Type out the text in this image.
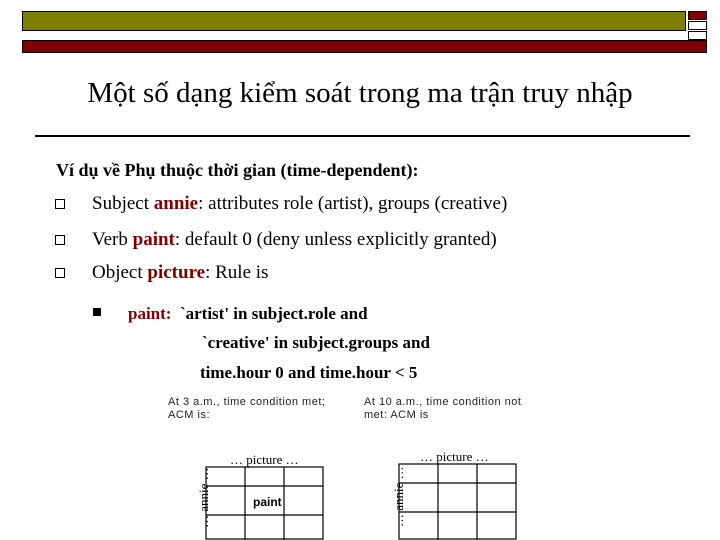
Một số dạng kiểm soát trong ma trận truy nhập
Ví dụ về Phụ thuộc thời gian (time-dependent):
Subject annie: attributes role (artist), groups (creative)
Verb paint: default 0 (deny unless explicitly granted)
Object picture: Rule is
paint: `artist' in subject.role and
`creative' in subject.groups and
time.hour 0 and time.hour < 5
At 3 a.m., time condition met;
ACM is:
… picture …
… annie …	paint
At 10 a.m., time condition not
met: ACM is
… picture …
… annie …
